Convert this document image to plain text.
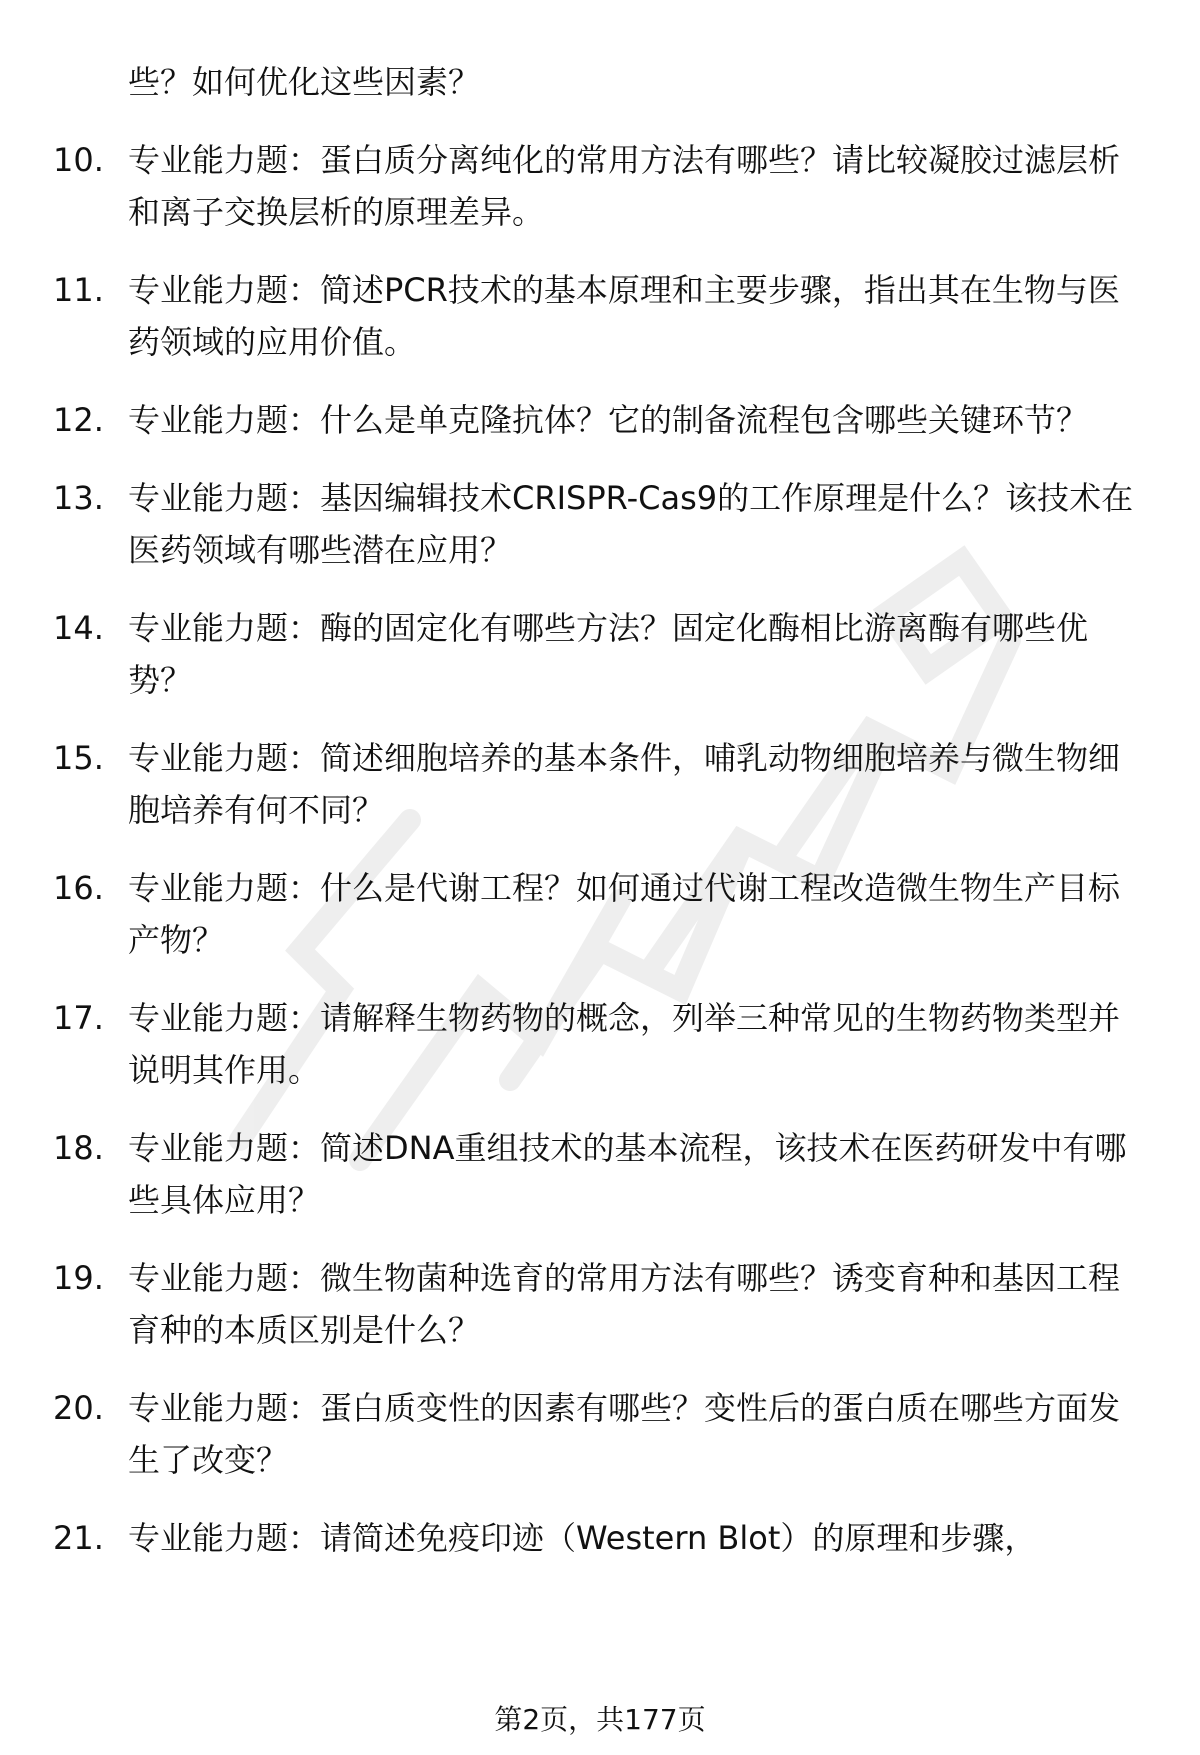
些？如何优化这些因素？
10. 专业能力题：蛋白质分离纯化的常用方法有哪些？请比较凝胶过滤层析和离子交换层析的原理差异。
11. 专业能力题：简述PCR技术的基本原理和主要步骤，指出其在生物与医药领域的应用价值。
12. 专业能力题：什么是单克隆抗体？它的制备流程包含哪些关键环节？
13. 专业能力题：基因编辑技术CRISPR-Cas9的工作原理是什么？该技术在医药领域有哪些潜在应用？
14. 专业能力题：酶的固定化有哪些方法？固定化酶相比游离酶有哪些优势？
15. 专业能力题：简述细胞培养的基本条件，哺乳动物细胞培养与微生物细胞培养有何不同？
16. 专业能力题：什么是代谢工程？如何通过代谢工程改造微生物生产目标产物？
17. 专业能力题：请解释生物药物的概念，列举三种常见的生物药物类型并说明其作用。
18. 专业能力题：简述DNA重组技术的基本流程，该技术在医药研发中有哪些具体应用？
19. 专业能力题：微生物菌种选育的常用方法有哪些？诱变育种和基因工程育种的本质区别是什么？
20. 专业能力题：蛋白质变性的因素有哪些？变性后的蛋白质在哪些方面发生了改变？
21. 专业能力题：请简述免疫印迹（Western Blot）的原理和步骤，
第2页，共177页
